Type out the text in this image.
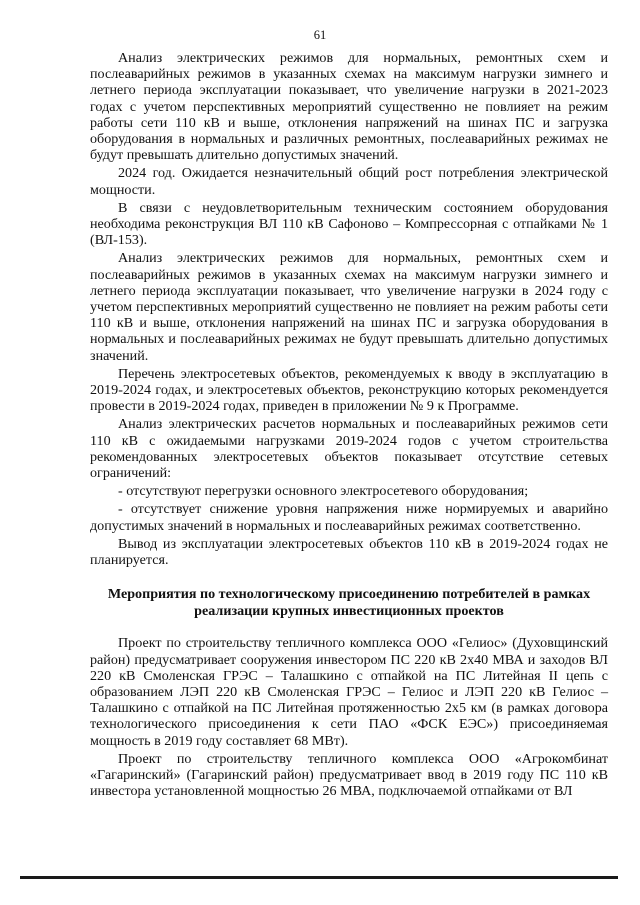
61

Анализ электрических режимов для нормальных, ремонтных схем и послеаварийных режимов в указанных схемах на максимум нагрузки зимнего и летнего периода эксплуатации показывает, что увеличение нагрузки в 2021-2023 годах с учетом перспективных мероприятий существенно не повлияет на режим работы сети 110 кВ и выше, отклонения напряжений на шинах ПС и загрузка оборудования в нормальных и различных ремонтных, послеаварийных режимах не будут превышать длительно допустимых значений.

2024 год. Ожидается незначительный общий рост потребления электрической мощности.

В связи с неудовлетворительным техническим состоянием оборудования необходима реконструкция ВЛ 110 кВ Сафоново – Компрессорная с отпайками № 1 (ВЛ-153).

Анализ электрических режимов для нормальных, ремонтных схем и послеаварийных режимов в указанных схемах на максимум нагрузки зимнего и летнего периода эксплуатации показывает, что увеличение нагрузки в 2024 году с учетом перспективных мероприятий существенно не повлияет на режим работы сети 110 кВ и выше, отклонения напряжений на шинах ПС и загрузка оборудования в нормальных и послеаварийных режимах не будут превышать длительно допустимых значений.

Перечень электросетевых объектов, рекомендуемых к вводу в эксплуатацию в 2019-2024 годах, и электросетевых объектов, реконструкцию которых рекомендуется провести в 2019-2024 годах, приведен в приложении № 9 к Программе.

Анализ электрических расчетов нормальных и послеаварийных режимов сети 110 кВ с ожидаемыми нагрузками 2019-2024 годов с учетом строительства рекомендованных электросетевых объектов показывает отсутствие сетевых ограничений:

- отсутствуют перегрузки основного электросетевого оборудования;

- отсутствует снижение уровня напряжения ниже нормируемых и аварийно допустимых значений в нормальных и послеаварийных режимах соответственно.

Вывод из эксплуатации электросетевых объектов 110 кВ в 2019-2024 годах не планируется.

Мероприятия по технологическому присоединению потребителей в рамках реализации крупных инвестиционных проектов

Проект по строительству тепличного комплекса ООО «Гелиос» (Духовщинский район) предусматривает сооружения инвестором ПС 220 кВ 2х40 МВА и заходов ВЛ 220 кВ Смоленская ГРЭС – Талашкино с отпайкой на ПС Литейная II цепь с образованием ЛЭП 220 кВ Смоленская ГРЭС – Гелиос и ЛЭП 220 кВ Гелиос – Талашкино с отпайкой на ПС Литейная протяженностью 2х5 км (в рамках договора технологического присоединения к сети ПАО «ФСК ЕЭС») присоединяемая мощность в 2019 году составляет 68 МВт).

Проект по строительству тепличного комплекса ООО «Агрокомбинат «Гагаринский» (Гагаринский район) предусматривает ввод в 2019 году ПС 110 кВ инвестора установленной мощностью 26 МВА, подключаемой отпайками от ВЛ
